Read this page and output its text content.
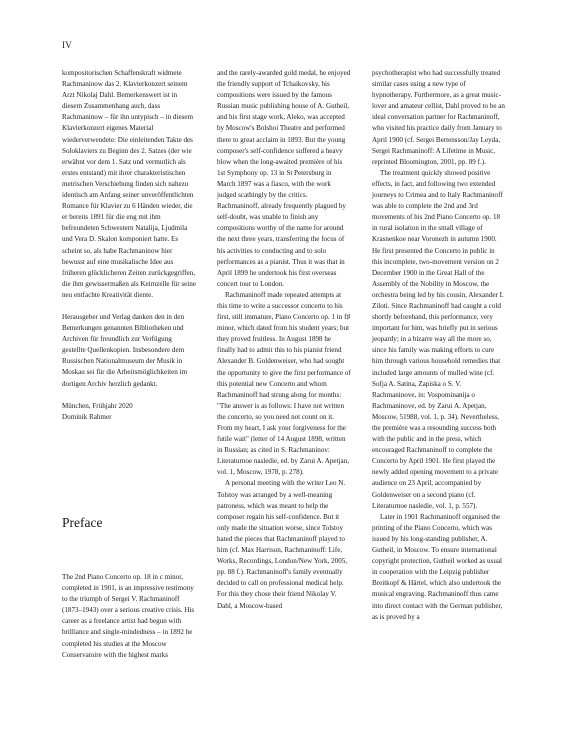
IV

kompositorischen Schaffenskraft widmete Rachmaninow das 2. Klavierkonzert seinem Arzt Nikolaj Dahl. Bemerkenswert ist in diesem Zusammenhang auch, dass Rachmaninow – für ihn untypisch – in diesem Klavierkonzert eigenes Material wiederverwendete: Die einleitenden Takte des Soloklaviers zu Beginn des 2. Satzes (der wie erwähnt vor dem 1. Satz und vermutlich als erstes entstand) mit ihrer charakteristischen metrischen Verschiebung finden sich nahezu identisch am Anfang seiner unveröffentlichten Romance für Klavier zu 6 Händen wieder, die er bereits 1891 für die eng mit ihm befreundeten Schwestern Natalija, Ljudmila und Vera D. Skalon komponiert hatte. Es scheint so, als habe Rachmaninow hier bewusst auf eine musikalische Idee aus früheren glücklicheren Zeiten zurückgegriffen, die ihm gewissermaßen als Keimzelle für seine neu entfachte Kreativität diente.

Herausgeber und Verlag danken den in den Bemerkungen genannten Bibliotheken und Archiven für freundlich zur Verfügung gestellte Quellenkopien. Insbesondere dem Russischen Nationalmuseum der Musik in Moskau sei für die Arbeitsmöglichkeiten im dortigen Archiv herzlich gedankt.

München, Frühjahr 2020

Dominik Rahmer

Preface

The 2nd Piano Concerto op. 18 in c minor, completed in 1901, is an impressive testimony to the triumph of Sergei V. Rachmaninoff (1873–1943) over a serious creative crisis. His career as a freelance artist had begun with brilliance and single-mindedness – in 1892 he completed his studies at the Moscow Conservatoire with the highest marks

and the rarely-awarded gold medal, he enjoyed the friendly support of Tchaikovsky, his compositions were issued by the famous Russian music publishing house of A. Gutheil, and his first stage work, Aleko, was accepted by Moscow's Bolshoi Theatre and performed there to great acclaim in 1893. But the young composer's self-confidence suffered a heavy blow when the long-awaited première of his 1st Symphony op. 13 in St Petersburg in March 1897 was a fiasco, with the work judged scathingly by the critics. Rachmaninoff, already frequently plagued by self-doubt, was unable to finish any compositions worthy of the name for around the next three years, transferring the focus of his activities to conducting and to solo performances as a pianist. Thus it was that in April 1899 he undertook his first overseas concert tour to London.

Rachmaninoff made repeated attempts at this time to write a successor concerto to his first, still immature, Piano Concerto op. 1 in f♯ minor, which dated from his student years; but they proved fruitless. In August 1898 he finally had to admit this to his pianist friend Alexander B. Goldenweiser, who had sought the opportunity to give the first performance of this potential new Concerto and whom Rachmaninoff had strung along for months: "The answer is as follows: I have not written the concerto, so you need not count on it. From my heart, I ask your forgiveness for the futile wait" (letter of 14 August 1898, written in Russian; as cited in S. Rachmaninov: Literaturnoe nasledie, ed. by Zarui A. Apetjan, vol. 1, Moscow, 1978, p. 278).

A personal meeting with the writer Leo N. Tolstoy was arranged by a well-meaning patroness, which was meant to help the composer regain his self-confidence. But it only made the situation worse, since Tolstoy hated the pieces that Rachmaninoff played to him (cf. Max Harrison, Rachmaninoff: Life, Works, Recordings, London/New York, 2005, pp. 88 f.). Rachmaninoff's family eventually decided to call on professional medical help. For this they chose their friend Nikolay V. Dahl, a Moscow-based

psychotherapist who had successfully treated similar cases using a new type of hypnotherapy. Furthermore, as a great music-lover and amateur cellist, Dahl proved to be an ideal conversation partner for Rachmaninoff, who visited his practice daily from January to April 1900 (cf. Sergei Bertensson/Jay Leyda, Sergei Rachmaninoff: A Lifetime in Music, reprinted Bloomington, 2001, pp. 89 f.).

The treatment quickly showed positive effects, in fact, and following two extended journeys to Crimea and to Italy Rachmaninoff was able to complete the 2nd and 3rd movements of his 2nd Piano Concerto op. 18 in rural isolation in the small village of Krasnenkoe near Voronezh in autumn 1900. He first presented the Concerto in public in this incomplete, two-movement version on 2 December 1900 in the Great Hall of the Assembly of the Nobility in Moscow, the orchestra being led by his cousin, Alexander I. Ziloti. Since Rachmaninoff had caught a cold shortly beforehand, this performance, very important for him, was briefly put in serious jeopardy; in a bizarre way all the more so, since his family was making efforts to cure him through various household remedies that included large amounts of mulled wine (cf. Sofja A. Satina, Zapiska o S. V. Rachmaninove, in: Vospominanija o Rachmaninove, ed. by Zarui A. Apetjan, Moscow, 51988, vol. 1, p. 34). Nevertheless, the première was a resounding success both with the public and in the press, which encouraged Rachmaninoff to complete the Concerto by April 1901. He first played the newly added opening movement to a private audience on 23 April, accompanied by Goldenweiser on a second piano (cf. Literaturnoe nasledie, vol. 1, p. 557).

Later in 1901 Rachmaninoff organised the printing of the Piano Concerto, which was issued by his long-standing publisher, A. Gutheil, in Moscow. To ensure international copyright protection, Gutheil worked as usual in cooperation with the Leipzig publisher Breitkopf & Härtel, which also undertook the musical engraving. Rachmaninoff thus came into direct contact with the German publisher, as is proved by a
